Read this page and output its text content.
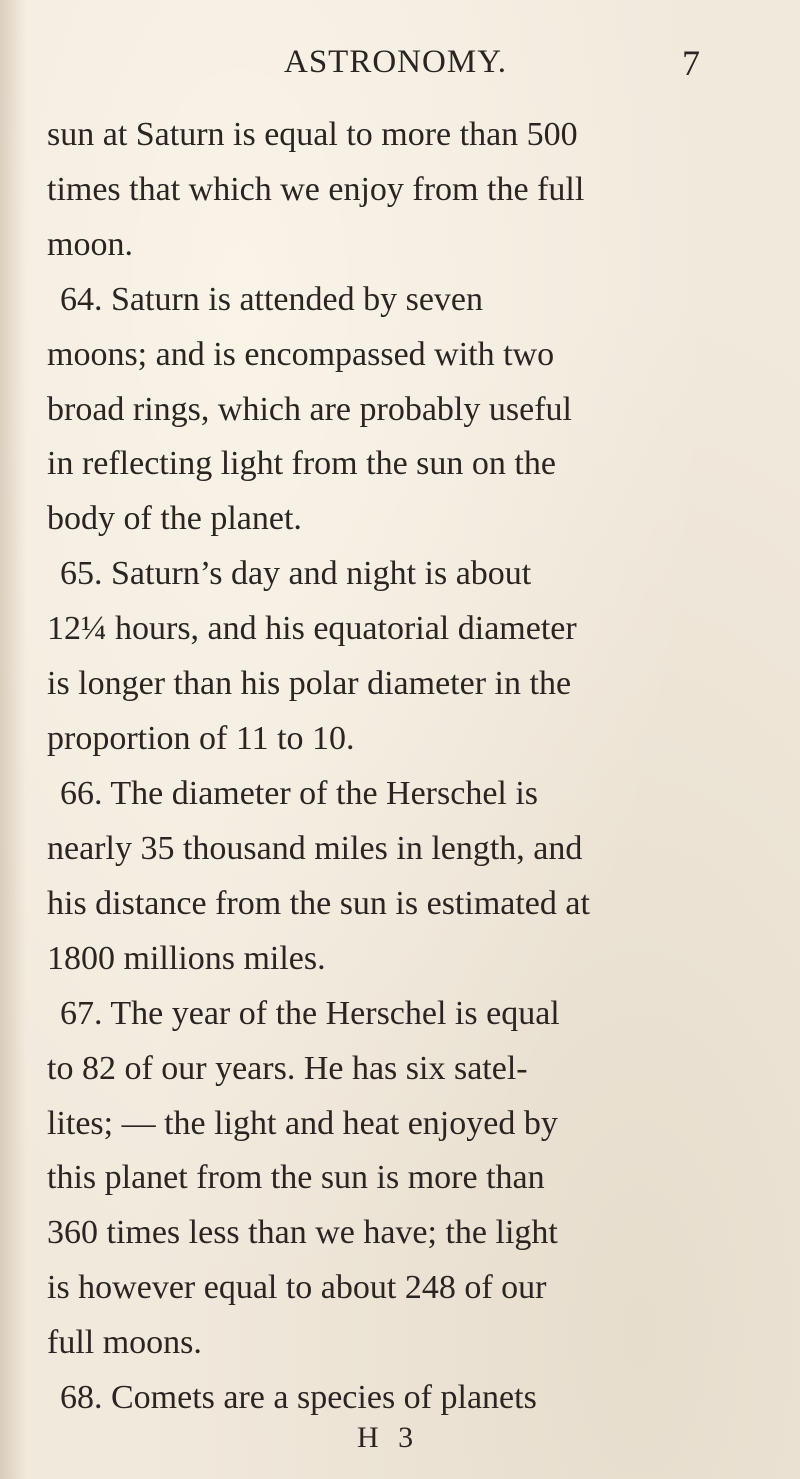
ASTRONOMY.	7
sun at Saturn is equal to more than 500
times that which we enjoy from the full
moon.
64. Saturn is attended by seven
moons; and is encompassed with two
broad rings, which are probably useful
in reflecting light from the sun on the
body of the planet.
65. Saturn’s day and night is about
12¼ hours, and his equatorial diameter
is longer than his polar diameter in the
proportion of 11 to 10.
66. The diameter of the Herschel is
nearly 35 thousand miles in length, and
his distance from the sun is estimated at
1800 millions miles.
67. The year of the Herschel is equal
to 82 of our years. He has six satel-
lites; — the light and heat enjoyed by
this planet from the sun is more than
360 times less than we have; the light
is however equal to about 248 of our
full moons.
68. Comets are a species of planets
H 3
